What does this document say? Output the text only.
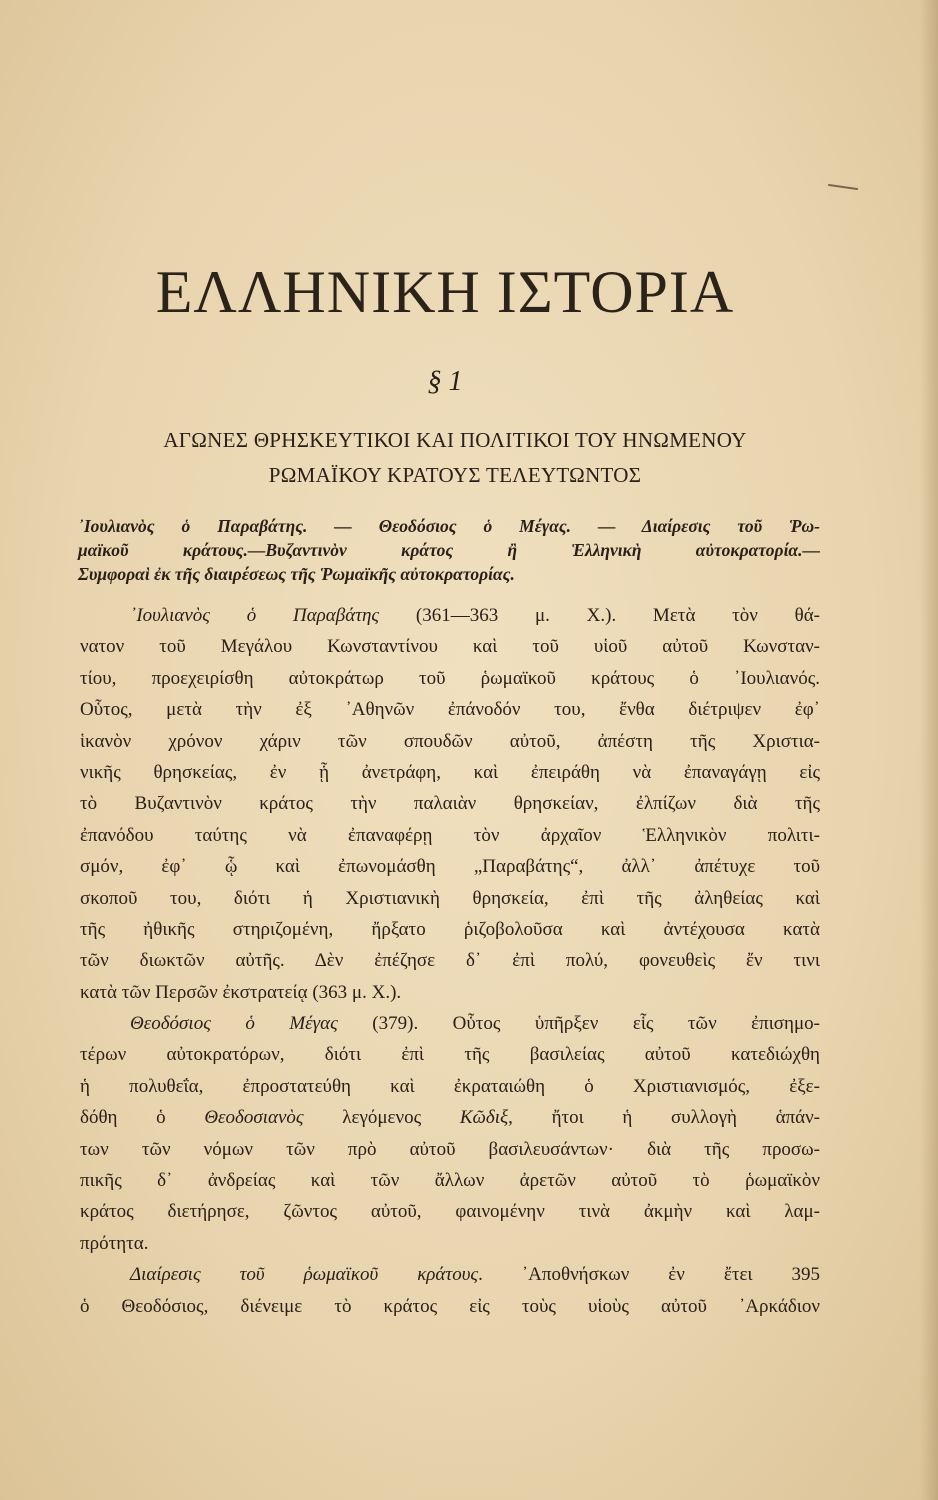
ΕΛΛΗΝΙΚΗ ΙΣΤΟΡΙΑ
§ 1
ΑΓΩΝΕΣ ΘΡΗΣΚΕΥΤΙΚΟΙ ΚΑΙ ΠΟΛΙΤΙΚΟΙ ΤΟΥ ΗΝΩΜΕΝΟΥ
ΡΩΜΑΪΚΟΥ ΚΡΑΤΟΥΣ ΤΕΛΕΥΤΩΝΤΟΣ
᾿Ιουλιανὸς ὁ Παραβάτης. — Θεοδόσιος ὁ Μέγας. — Διαίρεσις τοῦ Ῥω-
μαϊκοῦ κράτους.—Βυζαντινὸν κράτος ἢ Ἑλληνικὴ αὐτοκρατορία.—
Συμφοραὶ ἐκ τῆς διαιρέσεως τῆς Ῥωμαϊκῆς αὐτοκρατορίας.
᾿Ιουλιανὸς ὁ Παραβάτης (361—363 μ. Χ.). Μετὰ τὸν θά-
νατον τοῦ Μεγάλου Κωνσταντίνου καὶ τοῦ υἱοῦ αὐτοῦ Κωνσταν-
τίου, προεχειρίσθη αὐτοκράτωρ τοῦ ῥωμαϊκοῦ κράτους ὁ ᾿Ιουλιανός.
Οὗτος, μετὰ τὴν ἐξ ᾿Αθηνῶν ἐπάνοδόν του, ἔνθα διέτριψεν ἐφ᾿
ἱκανὸν χρόνον χάριν τῶν σπουδῶν αὐτοῦ, ἀπέστη τῆς Χριστια-
νικῆς θρησκείας, ἐν ᾗ ἀνετράφη, καὶ ἐπειράθη νὰ ἐπαναγάγῃ εἰς
τὸ Βυζαντινὸν κράτος τὴν παλαιὰν θρησκείαν, ἐλπίζων διὰ τῆς
ἐπανόδου ταύτης νὰ ἐπαναφέρῃ τὸν ἀρχαῖον Ἑλληνικὸν πολιτι-
σμόν, ἐφ᾿ ᾧ καὶ ἐπωνομάσθη „Παραβάτης“, ἀλλ᾿ ἀπέτυχε τοῦ
σκοποῦ του, διότι ἡ Χριστιανικὴ θρησκεία, ἐπὶ τῆς ἀληθείας καὶ
τῆς ἠθικῆς στηριζομένη, ἤρξατο ῥιζοβολοῦσα καὶ ἀντέχουσα κατὰ
τῶν διωκτῶν αὐτῆς. Δὲν ἐπέζησε δ᾿ ἐπὶ πολύ, φονευθεὶς ἔν τινι
κατὰ τῶν Περσῶν ἐκστρατείᾳ (363 μ. Χ.).
Θεοδόσιος ὁ Μέγας (379). Οὗτος ὑπῆρξεν εἷς τῶν ἐπισημο-
τέρων αὐτοκρατόρων, διότι ἐπὶ τῆς βασιλείας αὐτοῦ κατεδιώχθη
ἡ πολυθεΐα, ἐπροστατεύθη καὶ ἐκραταιώθη ὁ Χριστιανισμός, ἐξε-
δόθη ὁ Θεοδοσιανὸς λεγόμενος Κῶδιξ, ἤτοι ἡ συλλογὴ ἁπάν-
των τῶν νόμων τῶν πρὸ αὐτοῦ βασιλευσάντων· διὰ τῆς προσω-
πικῆς δ᾿ ἀνδρείας καὶ τῶν ἄλλων ἀρετῶν αὐτοῦ τὸ ῥωμαϊκὸν
κράτος διετήρησε, ζῶντος αὐτοῦ, φαινομένην τινὰ ἀκμὴν καὶ λαμ-
πρότητα.
Διαίρεσις τοῦ ῥωμαϊκοῦ κράτους. ᾿Αποθνήσκων ἐν ἔτει 395
ὁ Θεοδόσιος, διένειμε τὸ κράτος εἰς τοὺς υἱοὺς αὐτοῦ ᾿Αρκάδιον
